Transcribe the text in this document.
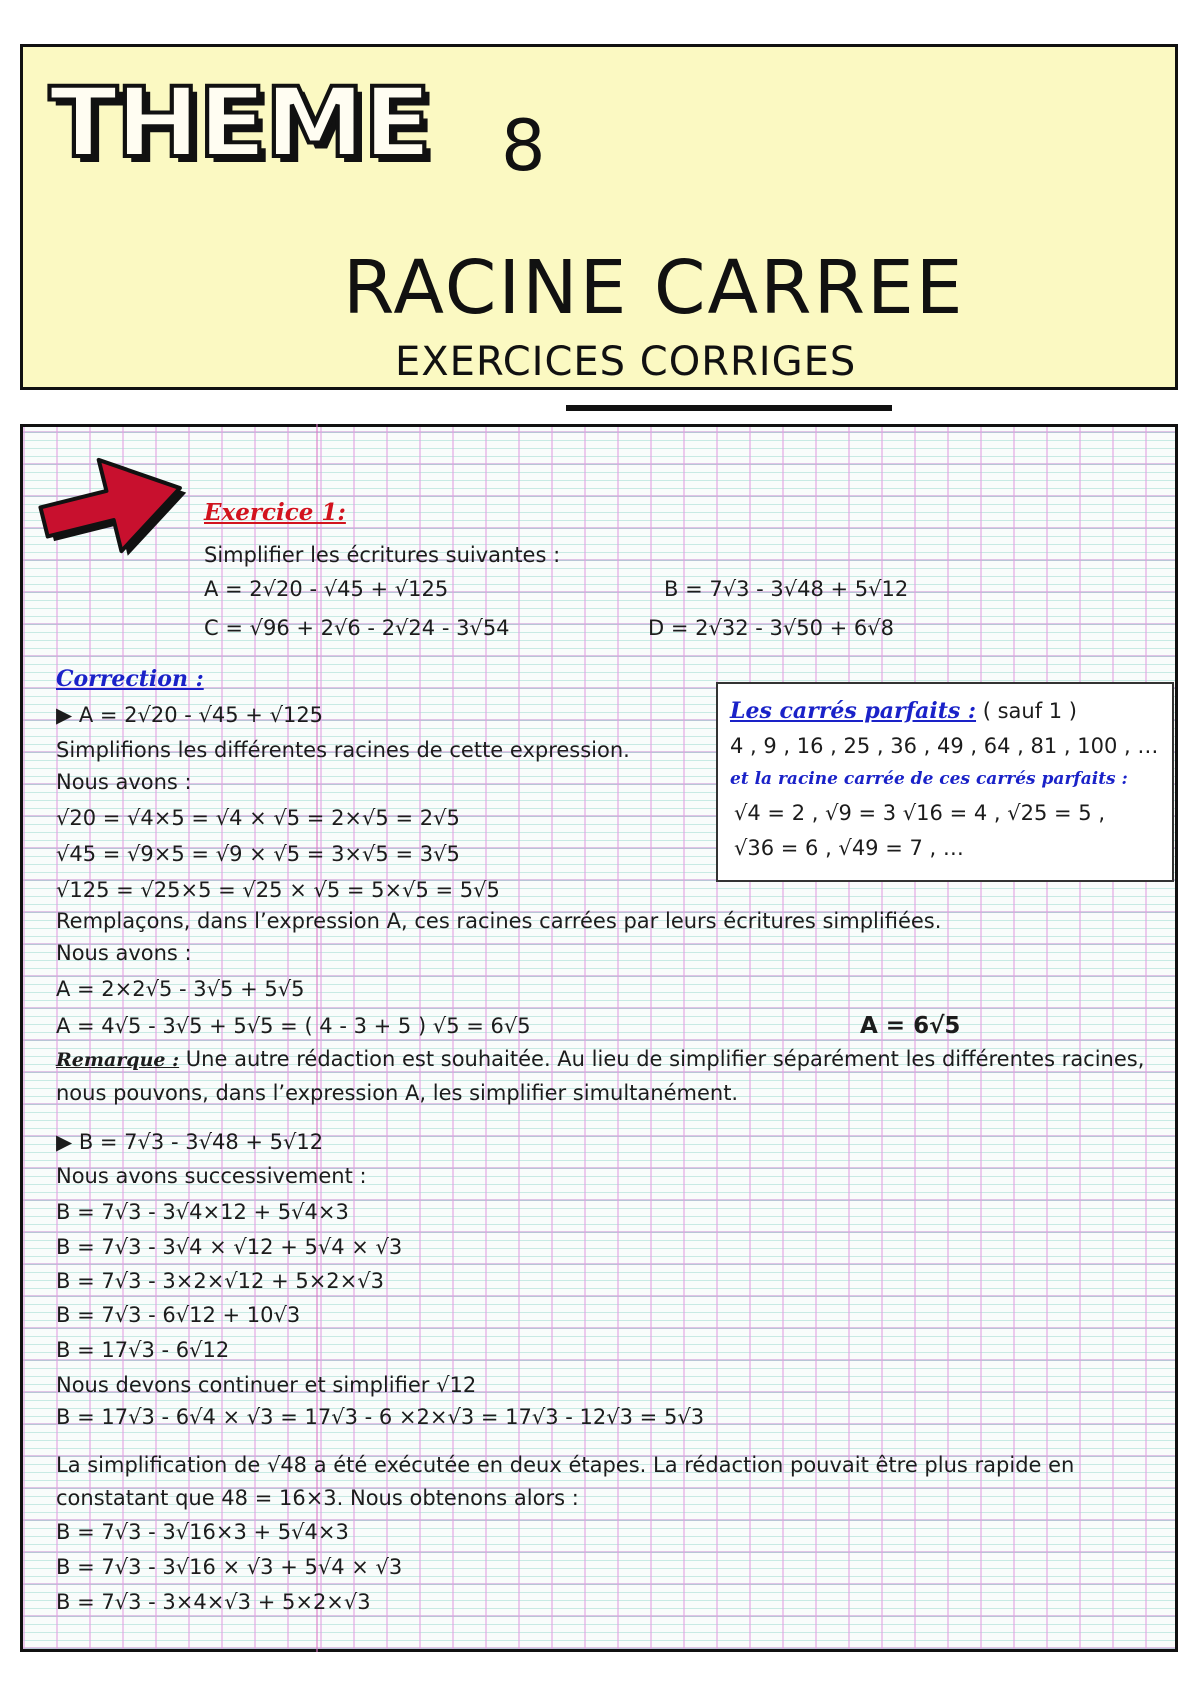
THEME 8
RACINE CARREE
EXERCICES CORRIGES
Exercice 1:
Simplifier les écritures suivantes :
A = 2√20 - √45 + √125	B = 7√3 - 3√48 + 5√12
C = √96 + 2√6 - 2√24 - 3√54	D = 2√32 - 3√50 + 6√8
Correction :
Les carrés parfaits : ( sauf 1 )
4 , 9 , 16 , 25 , 36 , 49 , 64 , 81 , 100 , …
et la racine carrée de ces carrés parfaits :
√4 = 2 , √9 = 3 √16 = 4 , √25 = 5 ,
√36 = 6 , √49 = 7 , …
▶ A = 2√20 - √45 + √125
Simplifions les différentes racines de cette expression.
Nous avons :
√20 = √4×5 = √4 × √5 = 2×√5 = 2√5
√45 = √9×5 = √9 × √5 = 3×√5 = 3√5
√125 = √25×5 = √25 × √5 = 5×√5 = 5√5
Remplaçons, dans l’expression A, ces racines carrées par leurs écritures simplifiées.
Nous avons :
A = 2×2√5 - 3√5 + 5√5
A = 4√5 - 3√5 + 5√5 = ( 4 - 3 + 5 ) √5 = 6√5	A = 6√5
Remarque : Une autre rédaction est souhaitée. Au lieu de simplifier séparément les différentes racines,
nous pouvons, dans l’expression A, les simplifier simultanément.
▶ B = 7√3 - 3√48 + 5√12
Nous avons successivement :
B = 7√3 - 3√4×12 + 5√4×3
B = 7√3 - 3√4 × √12 + 5√4 × √3
B = 7√3 - 3×2×√12 + 5×2×√3
B = 7√3 - 6√12 + 10√3
B = 17√3 - 6√12
Nous devons continuer et simplifier √12
B = 17√3 - 6√4 × √3 = 17√3 - 6 ×2×√3 = 17√3 - 12√3 = 5√3
La simplification de √48 a été exécutée en deux étapes. La rédaction pouvait être plus rapide en
constatant que 48 = 16×3. Nous obtenons alors :
B = 7√3 - 3√16×3 + 5√4×3
B = 7√3 - 3√16 × √3 + 5√4 × √3
B = 7√3 - 3×4×√3 + 5×2×√3
